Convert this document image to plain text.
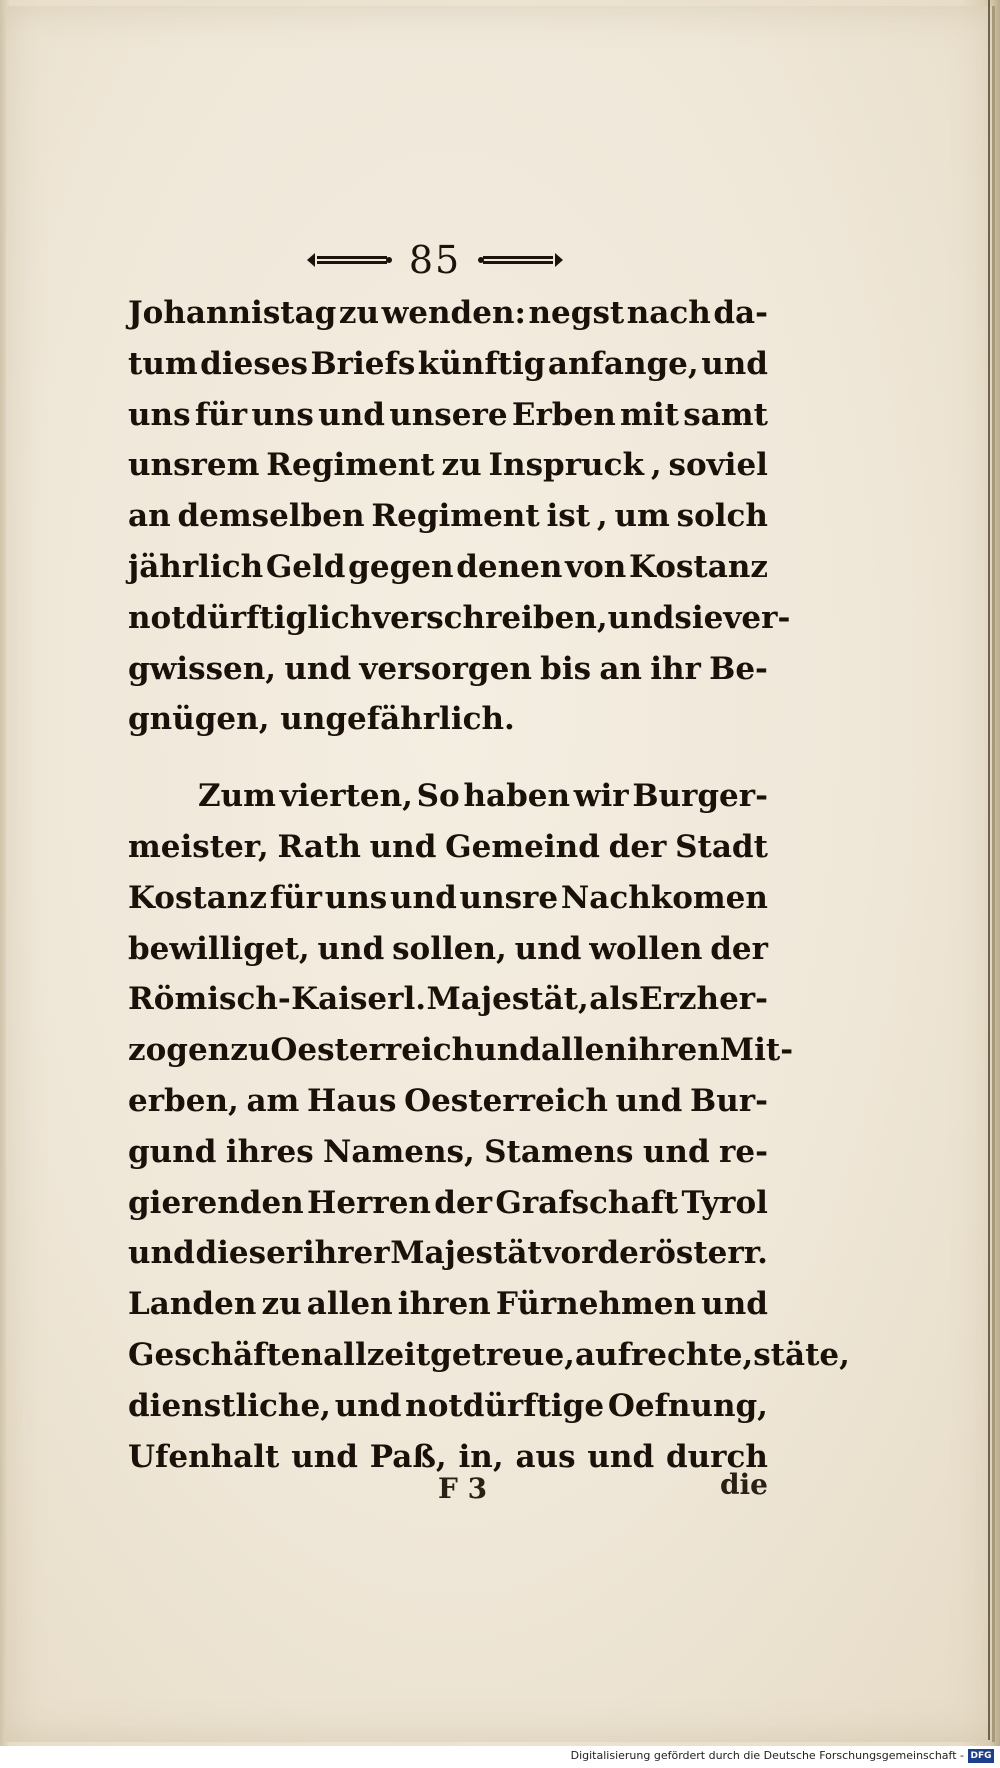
85
Johannistag zu wenden: negst nach da-
tum dieses Briefs künftig anfange, und
uns für uns und unsere Erben mit samt
unsrem Regiment zu Inspruck , soviel
an demselben Regiment ist , um solch
jährlich Geld gegen denen von Kostanz
notdürftiglich verschreiben, und sie ver-
gwissen, und versorgen bis an ihr Be-
gnügen, ungefährlich.
Zum vierten, So haben wir Burger-
meister, Rath und Gemeind der Stadt
Kostanz für uns und unsre Nachkomen
bewilliget, und sollen, und wollen der
Römisch- Kaiserl. Majestät, als Erzher-
zogen zu Oesterreich und allen ihren Mit-
erben, am Haus Oesterreich und Bur-
gund ihres Namens, Stamens und re-
gierenden Herren der Grafschaft Tyrol
und dieser ihrer Majestät vorderösterr.
Landen zu allen ihren Fürnehmen und
Geschäften allzeit getreue, aufrechte, stäte,
dienstliche, und notdürftige Oefnung,
Ufenhalt und Paß, in, aus und durch
F 3	die
Digitalisierung gefördert durch die Deutsche Forschungsgemeinschaft - DFG
